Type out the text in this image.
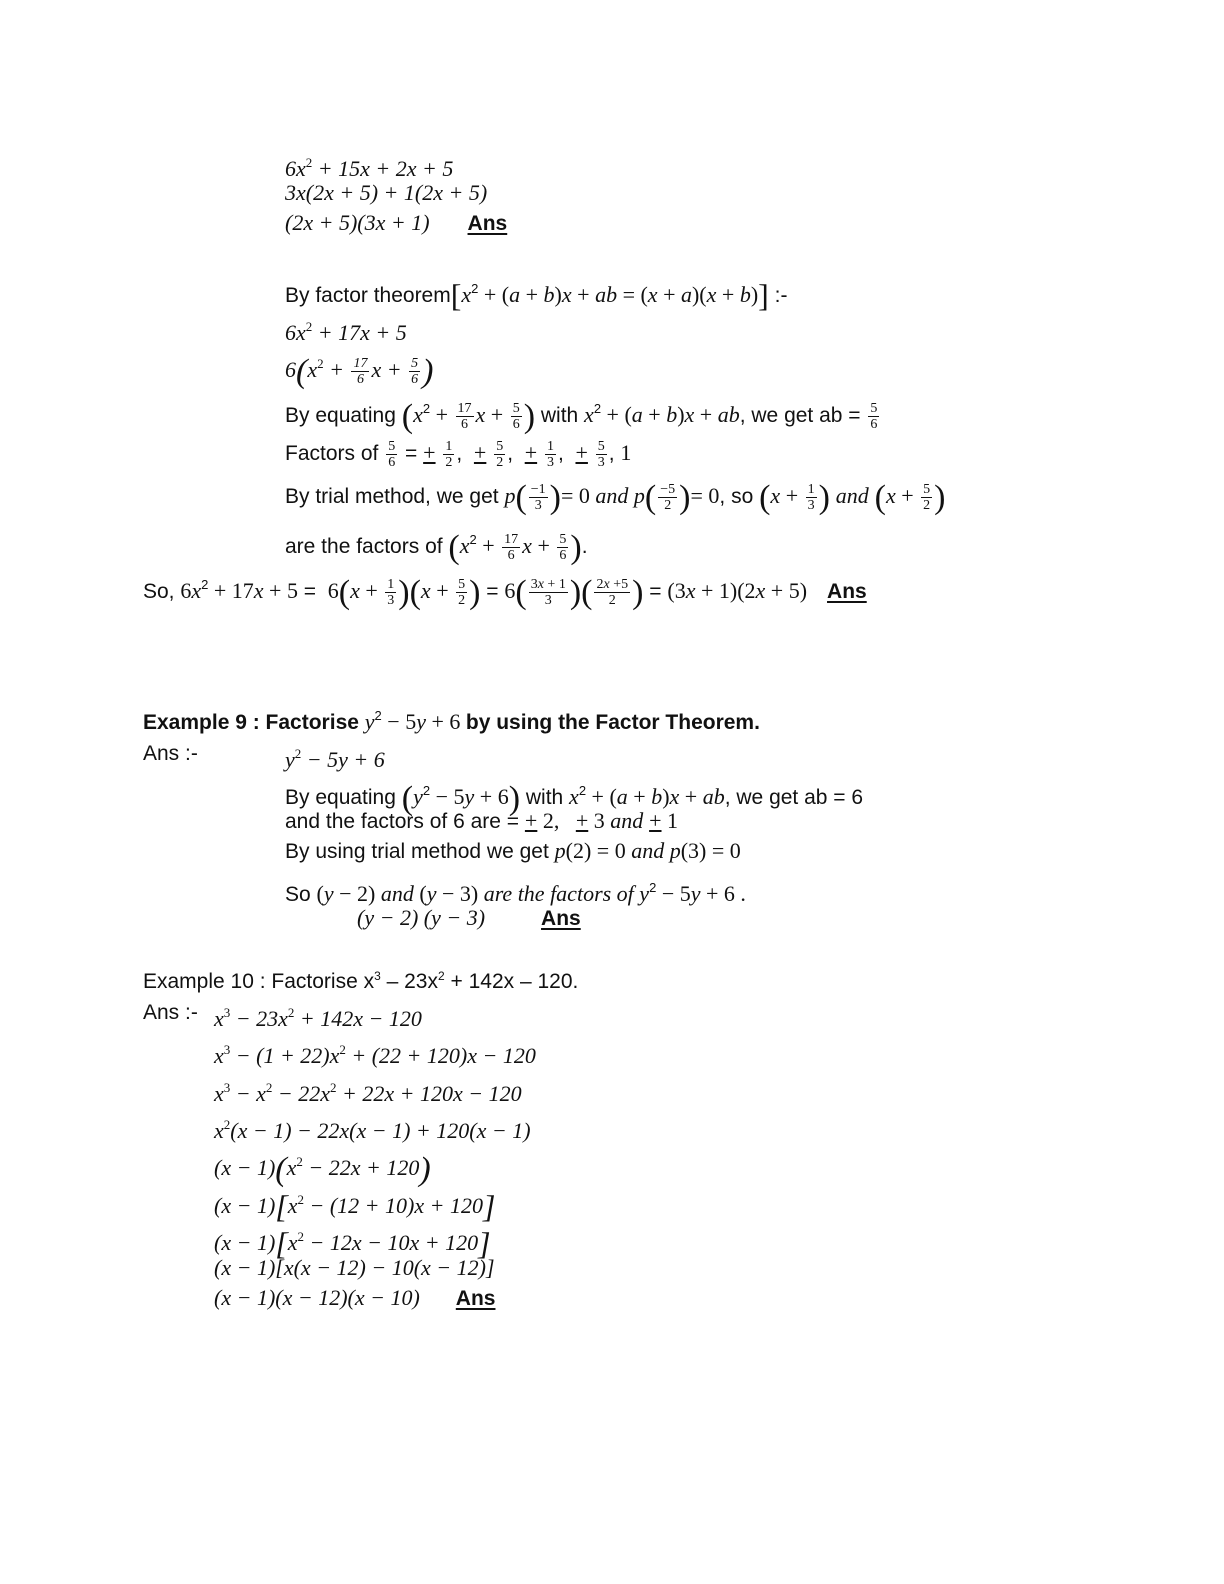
$6x^2 + 15x + 2x + 5$
3x(2x + 5) + 1(2x + 5)
(2x + 5)(3x + 1) Ans
By factor $theorem[x^2 + (a + b)x$ + ab = (x + a)(x + b)] :-
$6x^2 + 17x + 5$
$6(x^2 + \frac{17}{6}$ $x + \frac{5}{6}$ )
By equating ($x^2 + \frac{17}{6}$ $x + \frac{5}{6}$ ) with $x^2 + (a + b)x$ + ab, we get ab = $\frac{5}{6}$
Factors of $\frac{5}{6}$ = + $\frac{1}{2}$ ,  + $\frac{5}{2}$ ,  + $\frac{1}{3}$ ,  + $\frac{5}{3}$ , 1
By trial method, we get $p( \frac{-1}{3}$ )= 0 and $p( \frac{-5}{2}$ )= 0, so ($x + \frac{1}{3}$ ) and ($x + \frac{5}{2}$ )
are the factors of ($x^2 + \frac{17}{6}$ $x + \frac{5}{6}$ ).
So, $6x^2 + 17x + 5 = 6(x + \frac{1}{3} )(x + \frac{5}{2}$ ) = $6( \frac{3x + 1}{3}$ )( $\frac{2x +5}{2}$ ) = (3x + 1)(2x + 5) Ans
Example 9 : Factorise $y^2 - 5y + 6$ by using the Factor Theorem.
Ans :-	$y^2 - 5y + 6$
By equating $(y^2 - 5y + 6)$ with $x^2 + (a + b)x$ + ab, we get ab = 6
and the factors of 6 are = + 2,   + 3 and + 1
By using trial method we get p(2) = 0 and p(3) = 0
So (y − 2) and (y − 3) are the factors of $y^2 - 5y + 6$ .
(y − 2) (y − 3)	Ans
Example 10 : Factorise $x^3 - 23x^2 + 142x - 120$.
Ans :- $x^3 - 23x^2 + 142x - 120$
$x^3 - (1 + 22)x^2 + (22 + 120)x - 120$
$x^3 - x^2 - 22x^2 + 22x + 120x - 120$
$x^2(x - 1) - 22x(x - 1) + 120(x - 1)$
$(x - 1)(x^2 - 22x + 120)$
$(x - 1)[x^2 - (12 + 10)x + 120]$
$(x - 1)[x^2 - 12x - 10x + 120]$
(x − 1)[x(x − 12) − 10(x − 12)]
(x − 1)(x − 12)(x − 10) Ans
